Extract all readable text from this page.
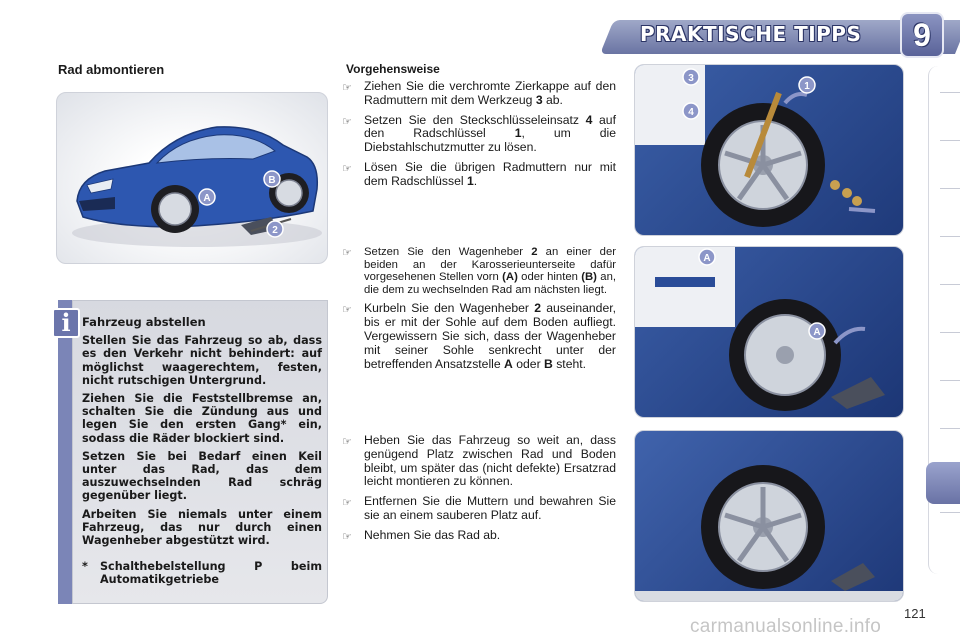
PRAKTISCHE TIPPS	9
Rad abmontieren
A
B
2
i Fahrzeug abstellen

Stellen Sie das Fahrzeug so ab, dass es den Verkehr nicht behindert: auf möglichst waagerechtem, festen, nicht rutschigen Untergrund.

Ziehen Sie die Feststellbremse an, schalten Sie die Zündung aus und legen Sie den ersten Gang* ein, sodass die Räder blockiert sind.

Setzen Sie bei Bedarf einen Keil unter das Rad, das dem auszuwechselnden Rad schräg gegenüber liegt.

Arbeiten Sie niemals unter einem Fahrzeug, das nur durch einen Wagenheber abgestützt wird.

*	Schalthebelstellung	P	beim
Automatikgetriebe
Vorgehensweise
☞ Ziehen Sie die verchromte Zierkappe auf den Radmuttern mit dem Werkzeug 3 ab.
☞ Setzen Sie den Steckschlüsseleinsatz 4 auf den Radschlüssel 1, um die Diebstahlschutzmutter zu lösen.
☞ Lösen Sie die übrigen Radmuttern nur mit dem Radschlüssel 1.
☞	Setzen Sie den Wagenheber 2 an einer der beiden an der Karosserieunterseite dafür vorgesehenen Stellen vorn (A) oder hinten (B) an, die dem zu wechselnden Rad am nächsten liegt.
☞ Kurbeln Sie den Wagenheber 2 auseinander, bis er mit der Sohle auf dem Boden aufliegt. Vergewissern Sie sich, dass der Wagenheber mit seiner Sohle senkrecht unter der betreffenden Ansatzstelle A oder B steht.
☞ Heben Sie das Fahrzeug so weit an, dass genügend Platz zwischen Rad und Boden bleibt, um später das (nicht defekte) Ersatzrad leicht montieren zu können.
☞ Entfernen Sie die Muttern und bewahren Sie sie an einem sauberen Platz auf.
☞ Nehmen Sie das Rad ab.
1
3
4
A
A
121
carmanualsonline.info
